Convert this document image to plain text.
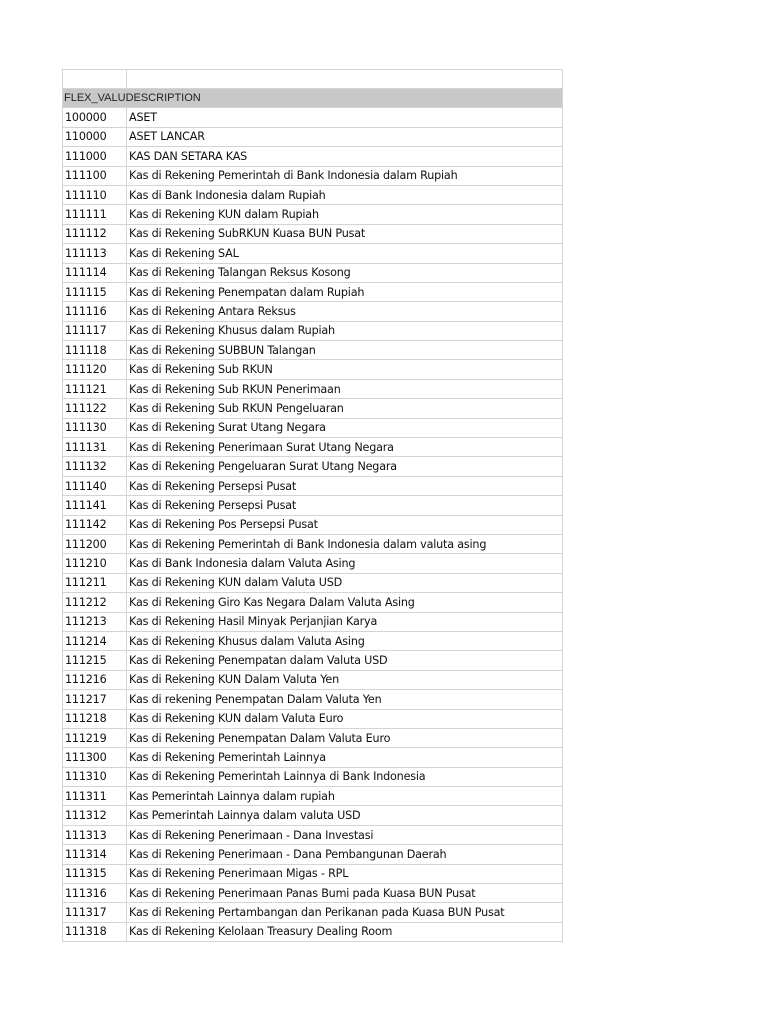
FLEX_VALU DESCRIPTION
100000	ASET
110000	ASET LANCAR
111000	KAS DAN SETARA KAS
111100	Kas di Rekening Pemerintah di Bank Indonesia dalam Rupiah
111110	Kas di Bank Indonesia dalam Rupiah
111111	Kas di Rekening KUN dalam Rupiah
111112	Kas di Rekening SubRKUN Kuasa BUN Pusat
111113	Kas di Rekening SAL
111114	Kas di Rekening Talangan Reksus Kosong
111115	Kas di Rekening Penempatan dalam Rupiah
111116	Kas di Rekening Antara Reksus
111117	Kas di Rekening Khusus dalam Rupiah
111118	Kas di Rekening SUBBUN Talangan
111120	Kas di Rekening Sub RKUN
111121	Kas di Rekening Sub RKUN Penerimaan
111122	Kas di Rekening Sub RKUN Pengeluaran
111130	Kas di Rekening Surat Utang Negara
111131	Kas di Rekening Penerimaan Surat Utang Negara
111132	Kas di Rekening Pengeluaran Surat Utang Negara
111140	Kas di Rekening Persepsi Pusat
111141	Kas di Rekening Persepsi Pusat
111142	Kas di Rekening Pos Persepsi Pusat
111200	Kas di Rekening Pemerintah di Bank Indonesia dalam valuta asing
111210	Kas di Bank Indonesia dalam Valuta Asing
111211	Kas di Rekening KUN dalam Valuta USD
111212	Kas di Rekening Giro Kas Negara Dalam Valuta Asing
111213	Kas di Rekening Hasil Minyak Perjanjian Karya
111214	Kas di Rekening Khusus dalam Valuta Asing
111215	Kas di Rekening Penempatan dalam Valuta USD
111216	Kas di Rekening KUN Dalam Valuta Yen
111217	Kas di rekening Penempatan Dalam Valuta Yen
111218	Kas di Rekening KUN dalam Valuta Euro
111219	Kas di Rekening Penempatan Dalam Valuta Euro
111300	Kas di Rekening Pemerintah Lainnya
111310	Kas di Rekening Pemerintah Lainnya di Bank Indonesia
111311	Kas Pemerintah Lainnya dalam rupiah
111312	Kas Pemerintah Lainnya dalam valuta USD
111313	Kas di Rekening Penerimaan - Dana Investasi
111314	Kas di Rekening Penerimaan - Dana Pembangunan Daerah
111315	Kas di Rekening Penerimaan Migas - RPL
111316	Kas di Rekening Penerimaan Panas Bumi pada Kuasa BUN Pusat
111317	Kas di Rekening Pertambangan dan Perikanan pada Kuasa BUN Pusat
111318	Kas di Rekening Kelolaan Treasury Dealing Room
